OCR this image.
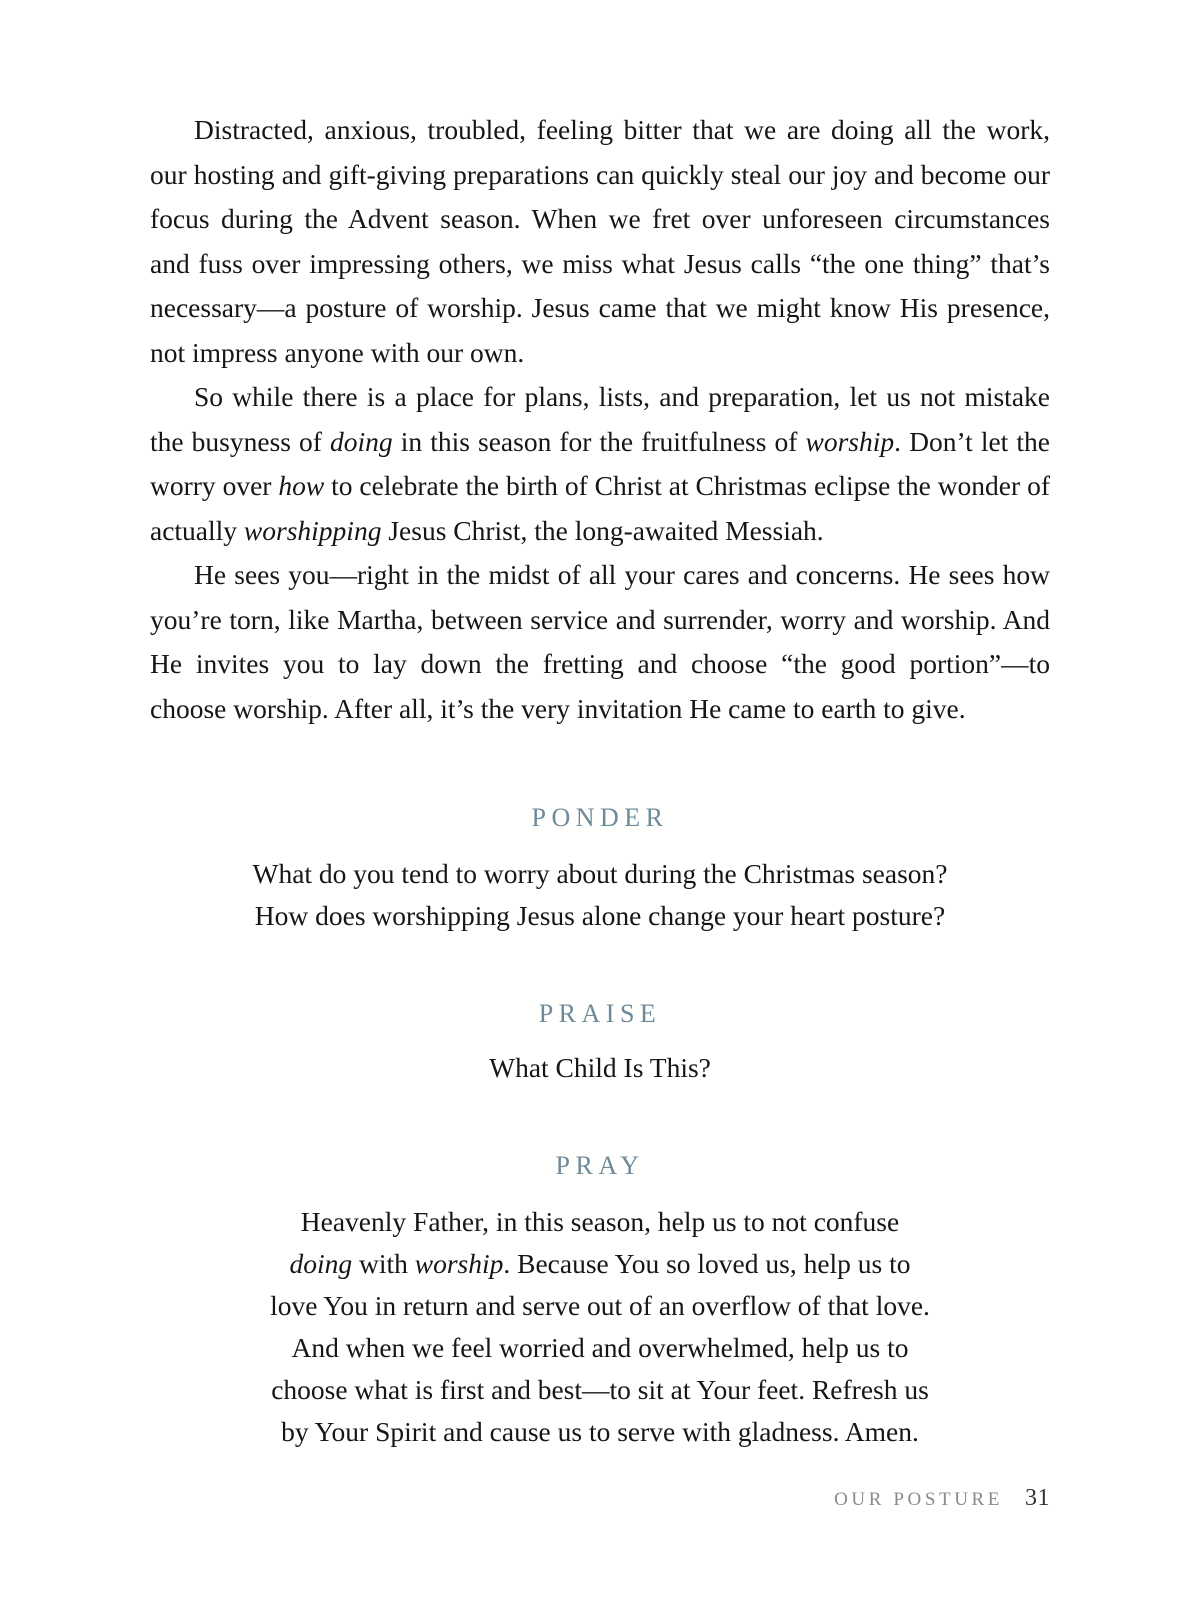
Distracted, anxious, troubled, feeling bitter that we are doing all the work, our hosting and gift-giving preparations can quickly steal our joy and become our focus during the Advent season. When we fret over unforeseen circumstances and fuss over impressing others, we miss what Jesus calls “the one thing” that’s necessary—a posture of worship. Jesus came that we might know His presence, not impress anyone with our own.

So while there is a place for plans, lists, and preparation, let us not mistake the busyness of doing in this season for the fruitfulness of worship. Don’t let the worry over how to celebrate the birth of Christ at Christmas eclipse the wonder of actually worshipping Jesus Christ, the long-awaited Messiah.

He sees you—right in the midst of all your cares and concerns. He sees how you’re torn, like Martha, between service and surrender, worry and worship. And He invites you to lay down the fretting and choose “the good portion”—to choose worship. After all, it’s the very invitation He came to earth to give.

PONDER

What do you tend to worry about during the Christmas season?
How does worshipping Jesus alone change your heart posture?

PRAISE

What Child Is This?

PRAY

Heavenly Father, in this season, help us to not confuse
doing with worship. Because You so loved us, help us to
love You in return and serve out of an overflow of that love.
And when we feel worried and overwhelmed, help us to
choose what is first and best—to sit at Your feet. Refresh us
by Your Spirit and cause us to serve with gladness. Amen.

OUR POSTURE 31
